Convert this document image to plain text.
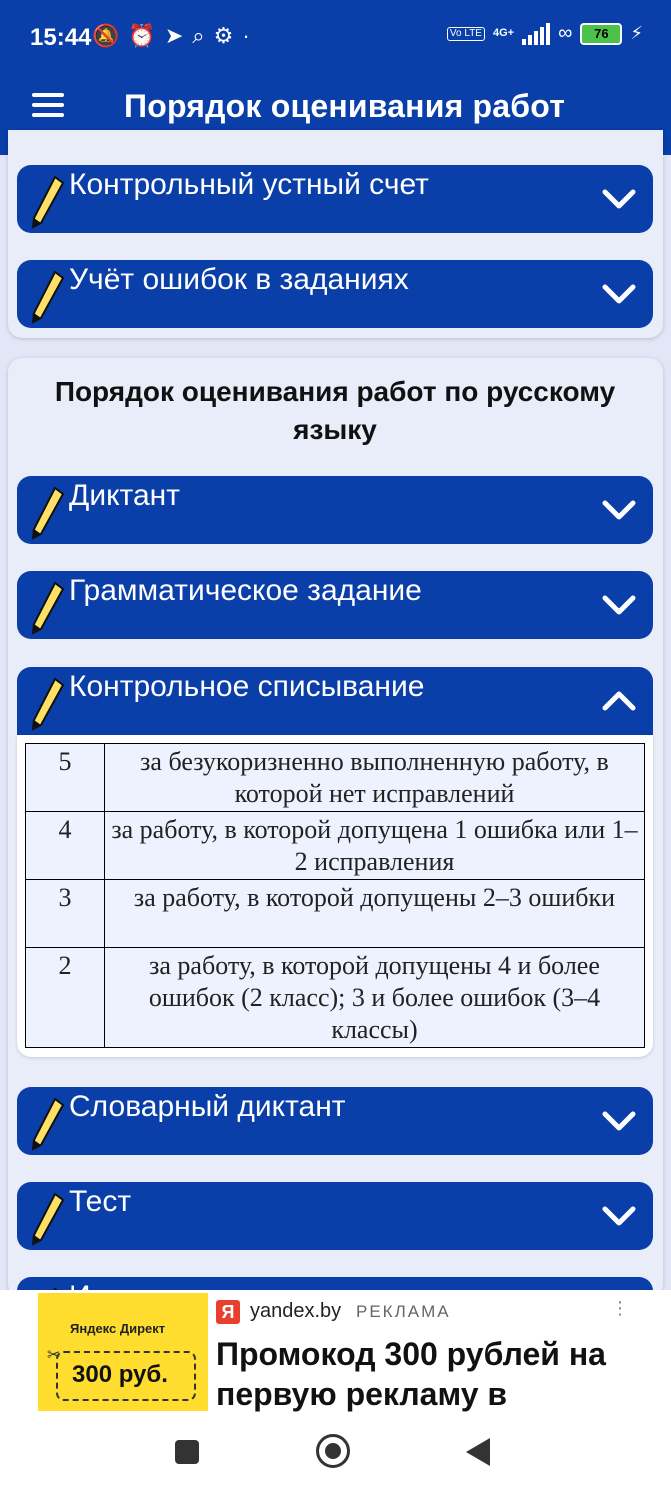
15:44 🔕 ⏰ ➤ ⌕ ⚙ ·	Vo LTE 4G+ ∞ 76 ⚡
Порядок оценивания работ
Контрольный устный счет
Учёт ошибок в заданиях
Порядок оценивания работ по русскому языку
Диктант
Грамматическое задание
Контрольное списывание
5	за безукоризненно выполненную работу, в которой нет исправлений
4	за работу, в которой допущена 1 ошибка или 1–2 исправления
3	за работу, в которой допущены 2–3 ошибки
2	за работу, в которой допущены 4 и более ошибок (2 класс); 3 и более ошибок (3–4 классы)
Словарный диктант
Тест
Яндекс Директ
✂
300 руб.
Я yandex.by РЕКЛАМА	⋮
Промокод 300 рублей на первую рекламу в
